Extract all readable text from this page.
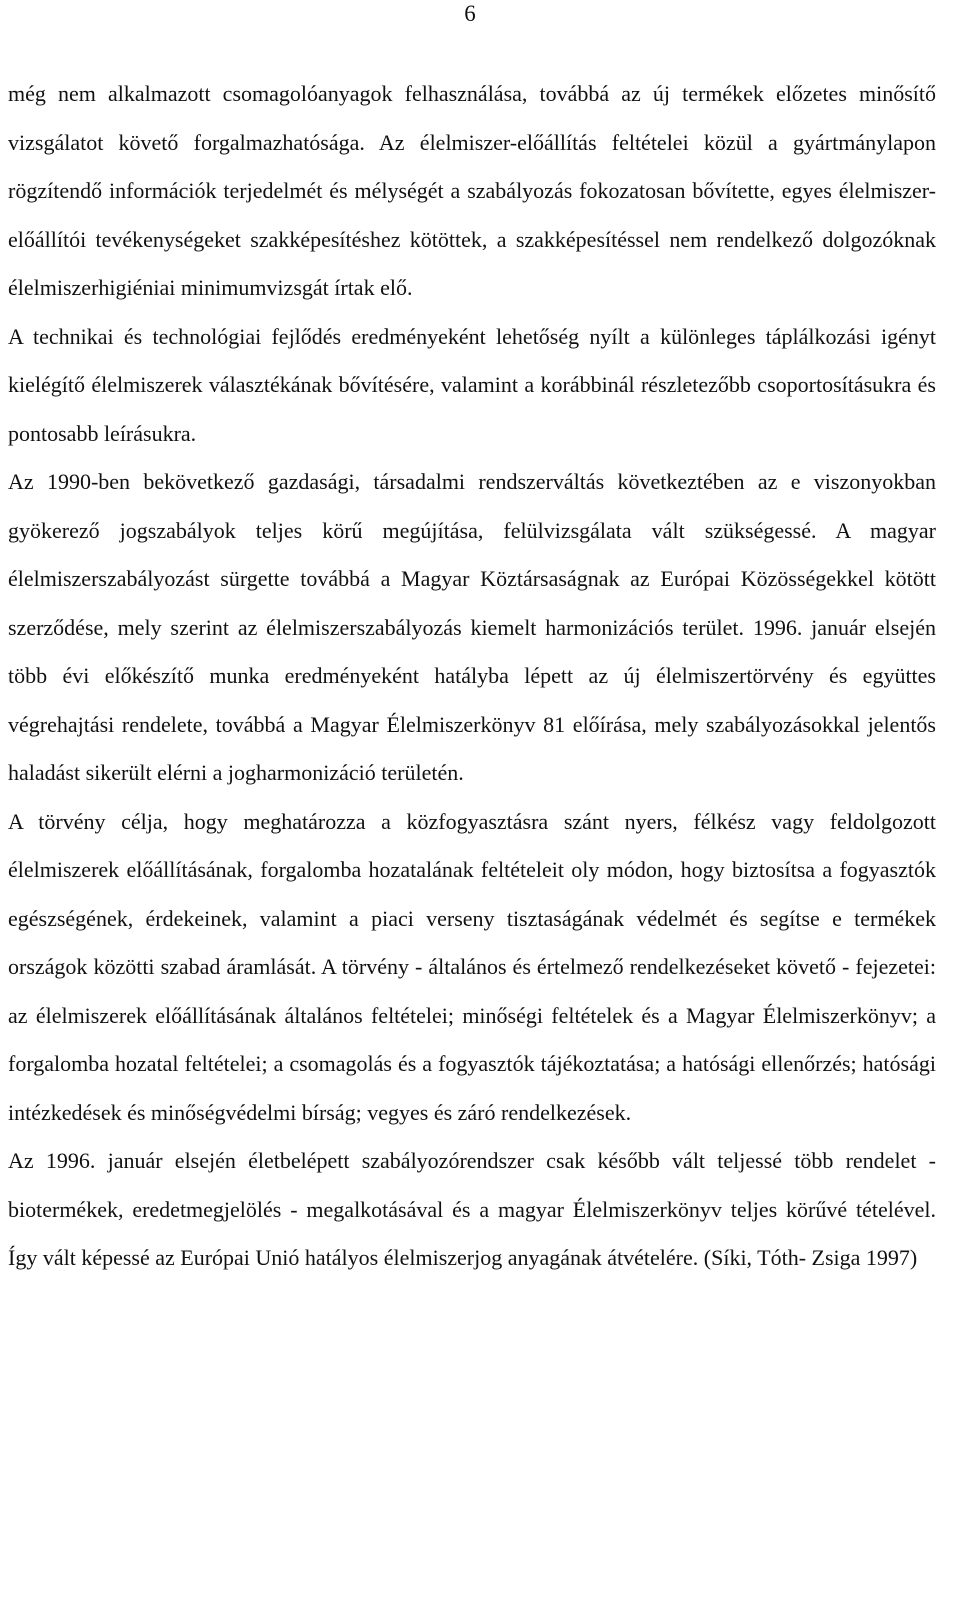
6

még nem alkalmazott csomagolóanyagok felhasználása, továbbá az új termékek előzetes minősítő vizsgálatot követő forgalmazhatósága. Az élelmiszer-előállítás feltételei közül a gyártmánylapon rögzítendő információk terjedelmét és mélységét a szabályozás fokozatosan bővítette, egyes élelmiszer-előállítói tevékenységeket szakképesítéshez kötöttek, a szakképesítéssel nem rendelkező dolgozóknak élelmiszerhigiéniai minimumvizsgát írtak elő.

A technikai és technológiai fejlődés eredményeként lehetőség nyílt a különleges táplálkozási igényt kielégítő élelmiszerek választékának bővítésére, valamint a korábbinál részletezőbb csoportosításukra és pontosabb leírásukra.

Az 1990-ben bekövetkező gazdasági, társadalmi rendszerváltás következtében az e viszonyokban gyökerező jogszabályok teljes körű megújítása, felülvizsgálata vált szükségessé. A magyar élelmiszerszabályozást sürgette továbbá a Magyar Köztársaságnak az Európai Közösségekkel kötött szerződése, mely szerint az élelmiszerszabályozás kiemelt harmonizációs terület. 1996. január elsején több évi előkészítő munka eredményeként hatályba lépett az új élelmiszertörvény és együttes végrehajtási rendelete, továbbá a Magyar Élelmiszerkönyv 81 előírása, mely szabályozásokkal jelentős haladást sikerült elérni a jogharmonizáció területén.

A törvény célja, hogy meghatározza a közfogyasztásra szánt nyers, félkész vagy feldolgozott élelmiszerek előállításának, forgalomba hozatalának feltételeit oly módon, hogy biztosítsa a fogyasztók egészségének, érdekeinek, valamint a piaci verseny tisztaságának védelmét és segítse e termékek országok közötti szabad áramlását. A törvény - általános és értelmező rendelkezéseket követő - fejezetei: az élelmiszerek előállításának általános feltételei; minőségi feltételek és a Magyar Élelmiszerkönyv; a forgalomba hozatal feltételei; a csomagolás és a fogyasztók tájékoztatása; a hatósági ellenőrzés; hatósági intézkedések és minőségvédelmi bírság; vegyes és záró rendelkezések.

Az 1996. január elsején életbelépett szabályozórendszer csak később vált teljessé több rendelet - biotermékek, eredetmegjelölés - megalkotásával és a magyar Élelmiszerkönyv teljes körűvé tételével. Így vált képessé az Európai Unió hatályos élelmiszerjog anyagának átvételére. (Síki, Tóth- Zsiga 1997)
